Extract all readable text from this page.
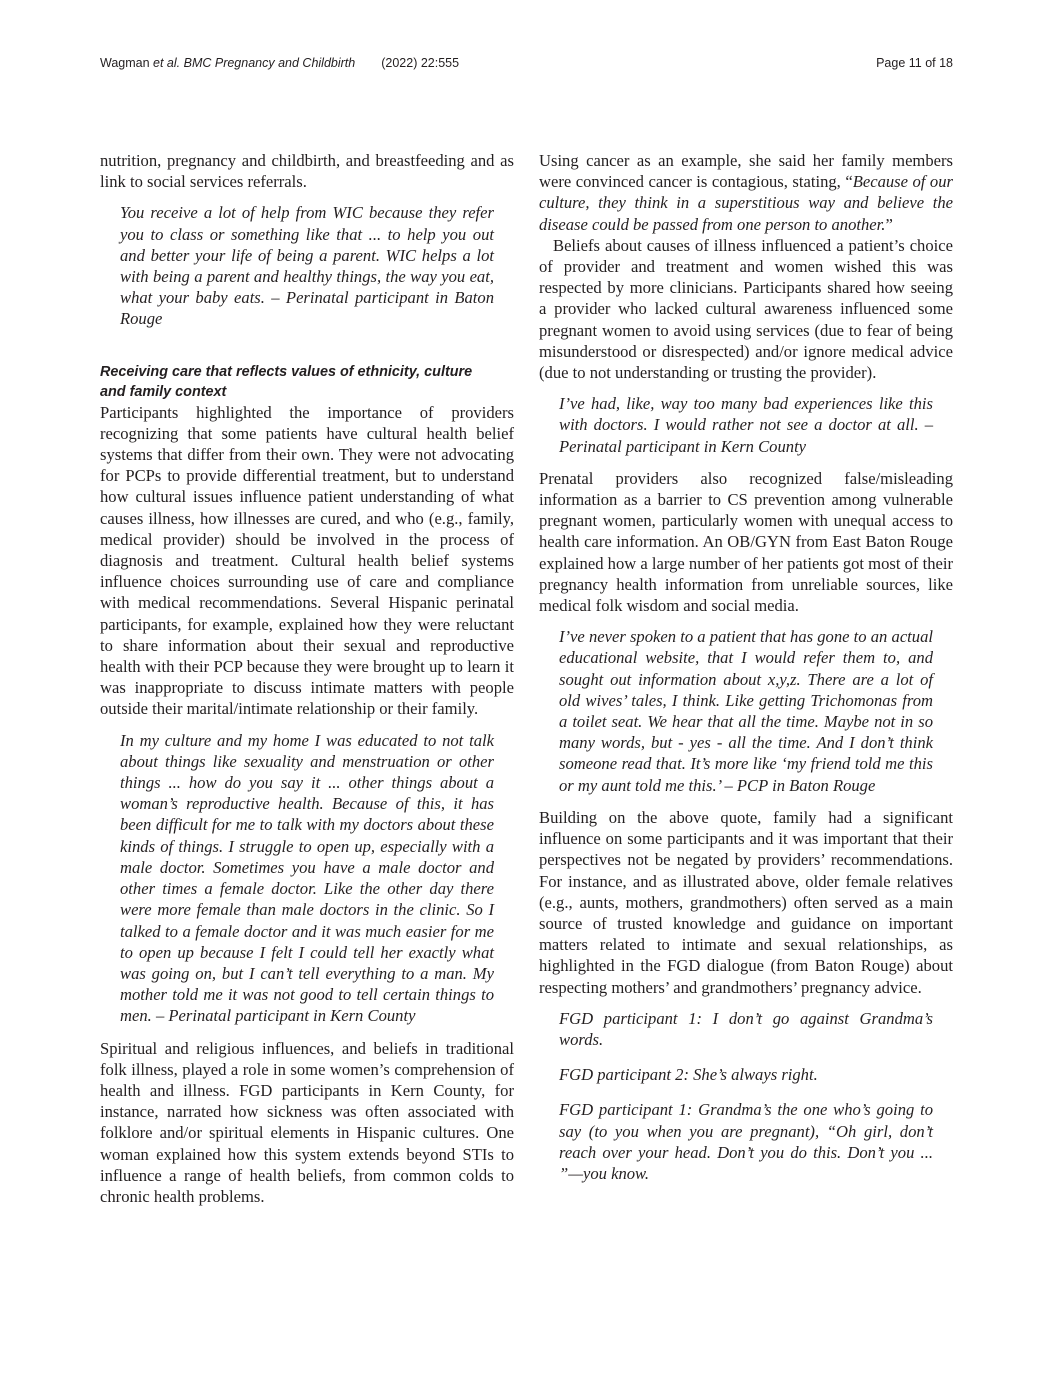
Wagman et al. BMC Pregnancy and Childbirth (2022) 22:555	Page 11 of 18

nutrition, pregnancy and childbirth, and breastfeeding and as link to social services referrals.

You receive a lot of help from WIC because they refer you to class or something like that ... to help you out and better your life of being a parent. WIC helps a lot with being a parent and healthy things, the way you eat, what your baby eats. – Perinatal participant in Baton Rouge
Receiving care that reflects values of ethnicity, culture and family context

Participants highlighted the importance of providers recognizing that some patients have cultural health belief systems that differ from their own. They were not advocating for PCPs to provide differential treatment, but to understand how cultural issues influence patient understanding of what causes illness, how illnesses are cured, and who (e.g., family, medical provider) should be involved in the process of diagnosis and treatment. Cultural health belief systems influence choices surrounding use of care and compliance with medical recommendations. Several Hispanic perinatal participants, for example, explained how they were reluctant to share information about their sexual and reproductive health with their PCP because they were brought up to learn it was inappropriate to discuss intimate matters with people outside their marital/intimate relationship or their family.

In my culture and my home I was educated to not talk about things like sexuality and menstruation or other things ... how do you say it ... other things about a woman’s reproductive health. Because of this, it has been difficult for me to talk with my doctors about these kinds of things. I struggle to open up, especially with a male doctor. Sometimes you have a male doctor and other times a female doctor. Like the other day there were more female than male doctors in the clinic. So I talked to a female doctor and it was much easier for me to open up because I felt I could tell her exactly what was going on, but I can’t tell everything to a man. My mother told me it was not good to tell certain things to men. – Perinatal participant in Kern County

Spiritual and religious influences, and beliefs in traditional folk illness, played a role in some women’s comprehension of health and illness. FGD participants in Kern County, for instance, narrated how sickness was often associated with folklore and/or spiritual elements in Hispanic cultures. One woman explained how this system extends beyond STIs to influence a range of health beliefs, from common colds to chronic health problems.

Using cancer as an example, she said her family members were convinced cancer is contagious, stating, “Because of our culture, they think in a superstitious way and believe the disease could be passed from one person to another.”

Beliefs about causes of illness influenced a patient’s choice of provider and treatment and women wished this was respected by more clinicians. Participants shared how seeing a provider who lacked cultural awareness influenced some pregnant women to avoid using services (due to fear of being misunderstood or disrespected) and/or ignore medical advice (due to not understanding or trusting the provider).

I’ve had, like, way too many bad experiences like this with doctors. I would rather not see a doctor at all. – Perinatal participant in Kern County

Prenatal providers also recognized false/misleading information as a barrier to CS prevention among vulnerable pregnant women, particularly women with unequal access to health care information. An OB/GYN from East Baton Rouge explained how a large number of her patients got most of their pregnancy health information from unreliable sources, like medical folk wisdom and social media.

I’ve never spoken to a patient that has gone to an actual educational website, that I would refer them to, and sought out information about x,y,z. There are a lot of old wives’ tales, I think. Like getting Trichomonas from a toilet seat. We hear that all the time. Maybe not in so many words, but - yes - all the time. And I don’t think someone read that. It’s more like ‘my friend told me this or my aunt told me this.’ – PCP in Baton Rouge

Building on the above quote, family had a significant influence on some participants and it was important that their perspectives not be negated by providers’ recommendations. For instance, and as illustrated above, older female relatives (e.g., aunts, mothers, grandmothers) often served as a main source of trusted knowledge and guidance on important matters related to intimate and sexual relationships, as highlighted in the FGD dialogue (from Baton Rouge) about respecting mothers’ and grandmothers’ pregnancy advice.

FGD participant 1: I don’t go against Grandma’s words.
FGD participant 2: She’s always right.
FGD participant 1: Grandma’s the one who’s going to say (to you when you are pregnant), “Oh girl, don’t reach over your head. Don’t you do this. Don’t you ... ”—you know.
